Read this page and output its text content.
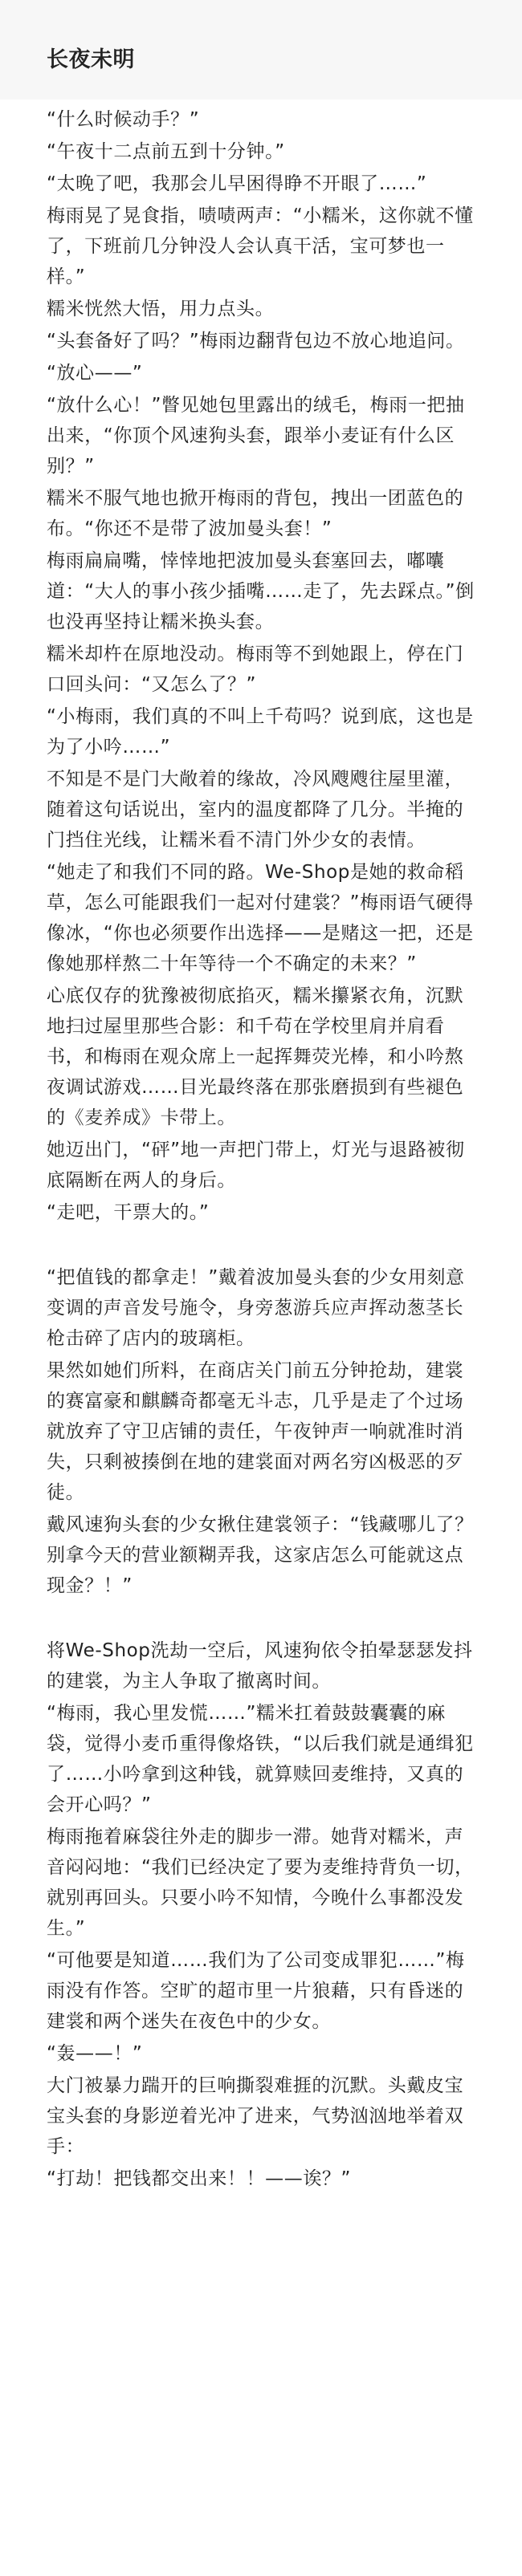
长夜未明
“什么时候动手？”
“午夜十二点前五到十分钟。”
“太晚了吧，我那会儿早困得睁不开眼了……”
梅雨晃了晃食指，啧啧两声：“小糯米，这你就不懂了，下班前几分钟没人会认真干活，宝可梦也一样。”
糯米恍然大悟，用力点头。
“头套备好了吗？”梅雨边翻背包边不放心地追问。
“放心——”
“放什么心！”瞥见她包里露出的绒毛，梅雨一把抽出来，“你顶个风速狗头套，跟举小麦证有什么区别？”
糯米不服气地也掀开梅雨的背包，拽出一团蓝色的布。“你还不是带了波加曼头套！”
梅雨扁扁嘴，悻悻地把波加曼头套塞回去，嘟囔道：“大人的事小孩少插嘴……走了，先去踩点。”倒也没再坚持让糯米换头套。
糯米却杵在原地没动。梅雨等不到她跟上，停在门口回头问：“又怎么了？”
“小梅雨，我们真的不叫上千苟吗？说到底，这也是为了小吟……”
不知是不是门大敞着的缘故，冷风飕飕往屋里灌，随着这句话说出，室内的温度都降了几分。半掩的门挡住光线，让糯米看不清门外少女的表情。
“她走了和我们不同的路。We-Shop是她的救命稻草，怎么可能跟我们一起对付建裳？”梅雨语气硬得像冰，“你也必须要作出选择——是赌这一把，还是像她那样熬二十年等待一个不确定的未来？”
心底仅存的犹豫被彻底掐灭，糯米攥紧衣角，沉默地扫过屋里那些合影：和千苟在学校里肩并肩看书，和梅雨在观众席上一起挥舞荧光棒，和小吟熬夜调试游戏……目光最终落在那张磨损到有些褪色的《麦养成》卡带上。
她迈出门，“砰”地一声把门带上，灯光与退路被彻底隔断在两人的身后。
“走吧，干票大的。”
“把值钱的都拿走！”戴着波加曼头套的少女用刻意变调的声音发号施令，身旁葱游兵应声挥动葱茎长枪击碎了店内的玻璃柜。
果然如她们所料，在商店关门前五分钟抢劫，建裳的赛富豪和麒麟奇都毫无斗志，几乎是走了个过场就放弃了守卫店铺的责任，午夜钟声一响就准时消失，只剩被揍倒在地的建裳面对两名穷凶极恶的歹徒。
戴风速狗头套的少女揪住建裳领子：“钱藏哪儿了？别拿今天的营业额糊弄我，这家店怎么可能就这点现金？！”
将We-Shop洗劫一空后，风速狗依令拍晕瑟瑟发抖的建裳，为主人争取了撤离时间。
“梅雨，我心里发慌……”糯米扛着鼓鼓囊囊的麻袋，觉得小麦币重得像烙铁，“以后我们就是通缉犯了……小吟拿到这种钱，就算赎回麦维持，又真的会开心吗？”
梅雨拖着麻袋往外走的脚步一滞。她背对糯米，声音闷闷地：“我们已经决定了要为麦维持背负一切，就别再回头。只要小吟不知情，今晚什么事都没发生。”
“可他要是知道……我们为了公司变成罪犯……”梅雨没有作答。空旷的超市里一片狼藉，只有昏迷的建裳和两个迷失在夜色中的少女。
“轰——！”
大门被暴力踹开的巨响撕裂难捱的沉默。头戴皮宝宝头套的身影逆着光冲了进来，气势汹汹地举着双手：
“打劫！把钱都交出来！！——诶？”
